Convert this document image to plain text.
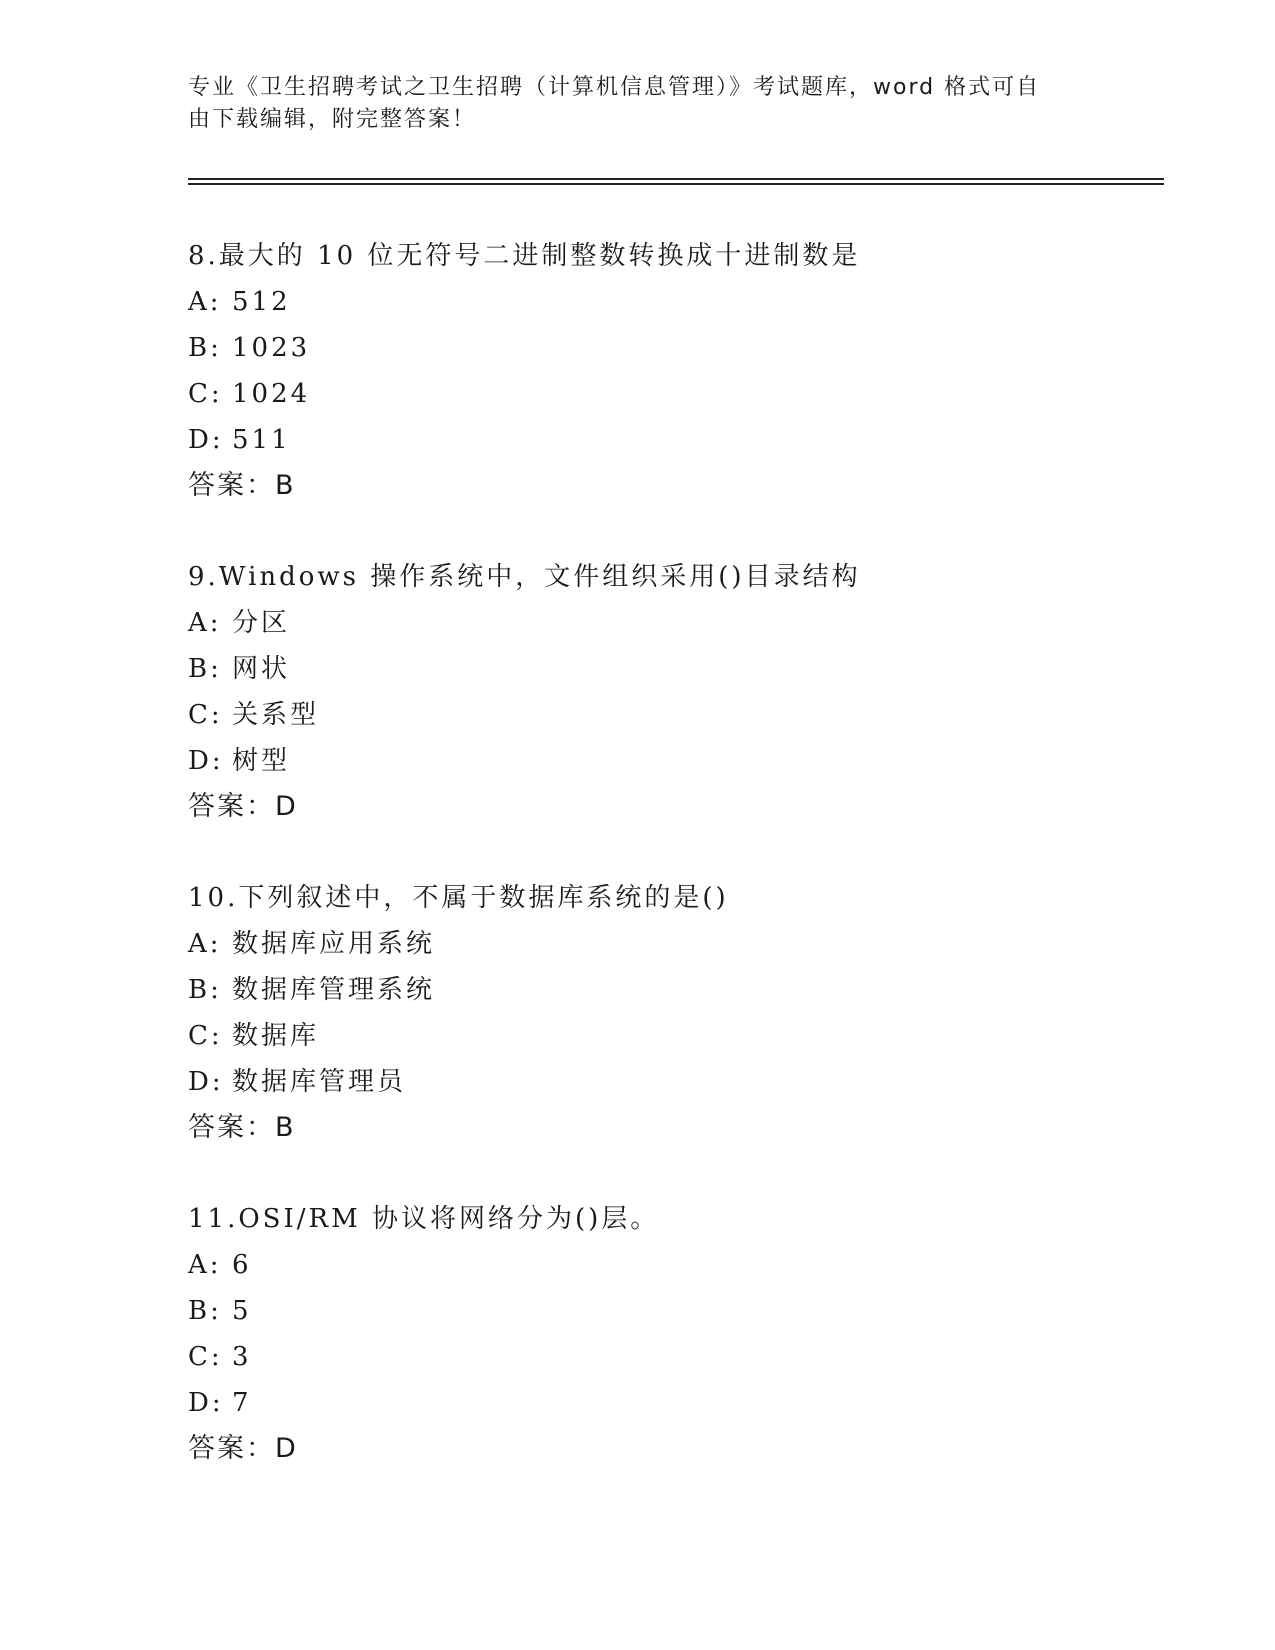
专业《卫生招聘考试之卫生招聘（计算机信息管理）》考试题库，word 格式可自
由下载编辑，附完整答案！
8.最大的 10 位无符号二进制整数转换成十进制数是
A: 512
B: 1023
C: 1024
D: 511
答案：B
9.Windows 操作系统中，文件组织采用()目录结构
A: 分区
B: 网状
C: 关系型
D: 树型
答案：D
10.下列叙述中，不属于数据库系统的是()
A: 数据库应用系统
B: 数据库管理系统
C: 数据库
D: 数据库管理员
答案：B
11.OSI/RM 协议将网络分为()层。
A: 6
B: 5
C: 3
D: 7
答案：D
